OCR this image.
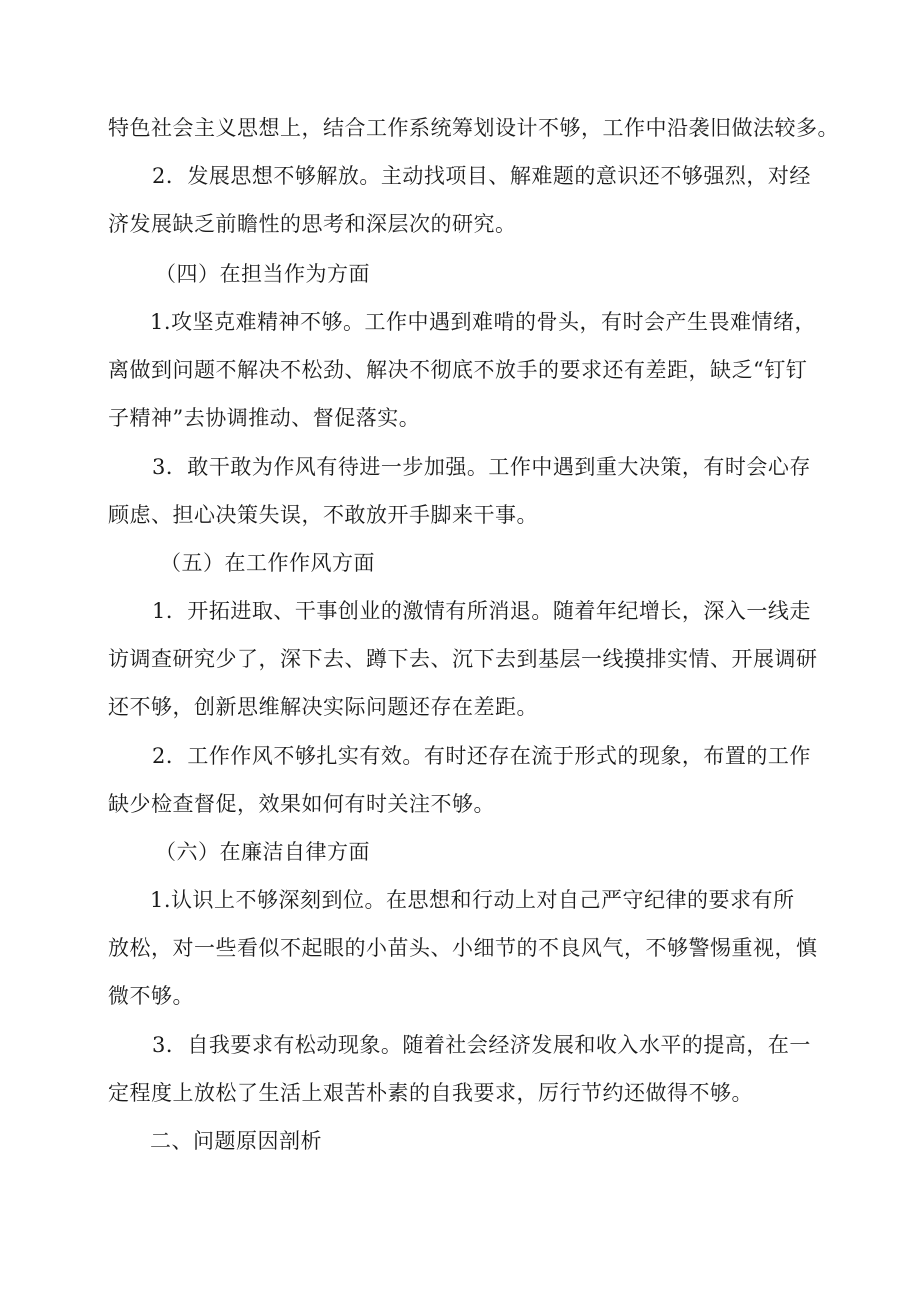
特色社会主义思想上，结合工作系统筹划设计不够，工作中沿袭旧做法较多。
2．发展思想不够解放。主动找项目、解难题的意识还不够强烈，对经
济发展缺乏前瞻性的思考和深层次的研究。
（四）在担当作为方面
1.攻坚克难精神不够。工作中遇到难啃的骨头，有时会产生畏难情绪，
离做到问题不解决不松劲、解决不彻底不放手的要求还有差距，缺乏“钉钉
子精神”去协调推动、督促落实。
3．敢干敢为作风有待进一步加强。工作中遇到重大决策，有时会心存
顾虑、担心决策失误，不敢放开手脚来干事。
（五）在工作作风方面
1．开拓进取、干事创业的激情有所消退。随着年纪增长，深入一线走
访调查研究少了，深下去、蹲下去、沉下去到基层一线摸排实情、开展调研
还不够，创新思维解决实际问题还存在差距。
2．工作作风不够扎实有效。有时还存在流于形式的现象，布置的工作
缺少检查督促，效果如何有时关注不够。
（六）在廉洁自律方面
1.认识上不够深刻到位。在思想和行动上对自己严守纪律的要求有所
放松，对一些看似不起眼的小苗头、小细节的不良风气，不够警惕重视，慎
微不够。
3．自我要求有松动现象。随着社会经济发展和收入水平的提高，在一
定程度上放松了生活上艰苦朴素的自我要求，厉行节约还做得不够。
二、问题原因剖析
